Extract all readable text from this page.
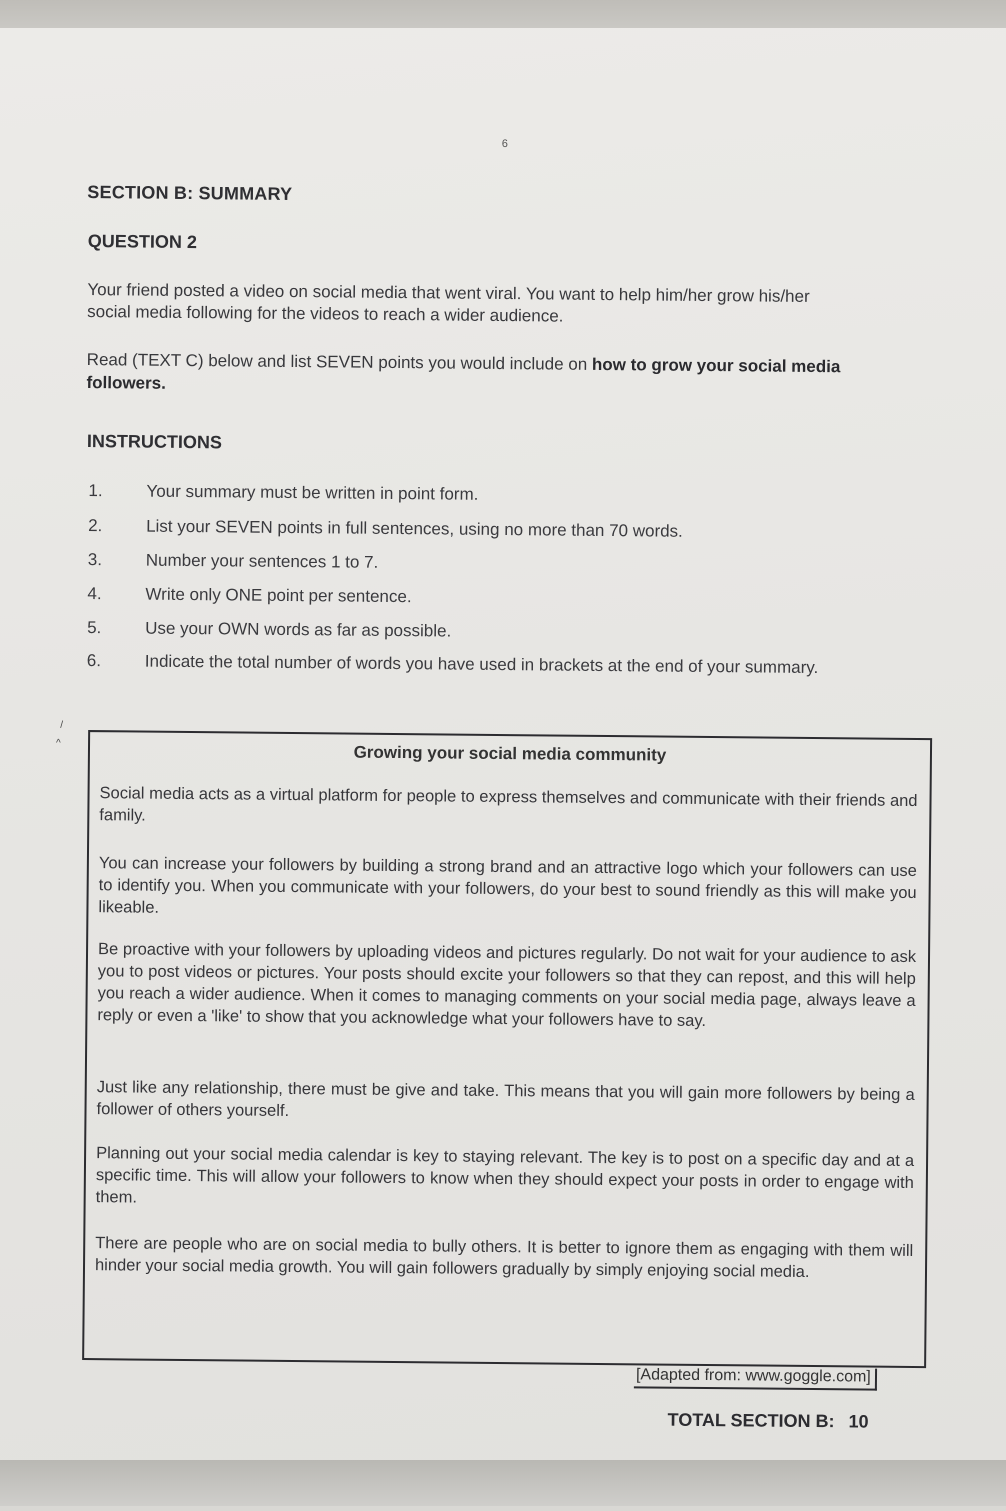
6
SECTION B: SUMMARY
QUESTION 2
Your friend posted a video on social media that went viral. You want to help him/her grow his/her social media following for the videos to reach a wider audience.
Read (TEXT C) below and list SEVEN points you would include on how to grow your social media followers.
INSTRUCTIONS
1.	Your summary must be written in point form.
2.	List your SEVEN points in full sentences, using no more than 70 words.
3.	Number your sentences 1 to 7.
4.	Write only ONE point per sentence.
5.	Use your OWN words as far as possible.
6.	Indicate the total number of words you have used in brackets at the end of your summary.
/
^	Growing your social media community
Social media acts as a virtual platform for people to express themselves and communicate with their friends and family.
You can increase your followers by building a strong brand and an attractive logo which your followers can use to identify you. When you communicate with your followers, do your best to sound friendly as this will make you likeable.
Be proactive with your followers by uploading videos and pictures regularly. Do not wait for your audience to ask you to post videos or pictures. Your posts should excite your followers so that they can repost, and this will help you reach a wider audience. When it comes to managing comments on your social media page, always leave a reply or even a 'like' to show that you acknowledge what your followers have to say.
Just like any relationship, there must be give and take. This means that you will gain more followers by being a follower of others yourself.
Planning out your social media calendar is key to staying relevant. The key is to post on a specific day and at a specific time. This will allow your followers to know when they should expect your posts in order to engage with them.
There are people who are on social media to bully others. It is better to ignore them as engaging with them will hinder your social media growth. You will gain followers gradually by simply enjoying social media.
[Adapted from: www.goggle.com]
TOTAL SECTION B: 10
